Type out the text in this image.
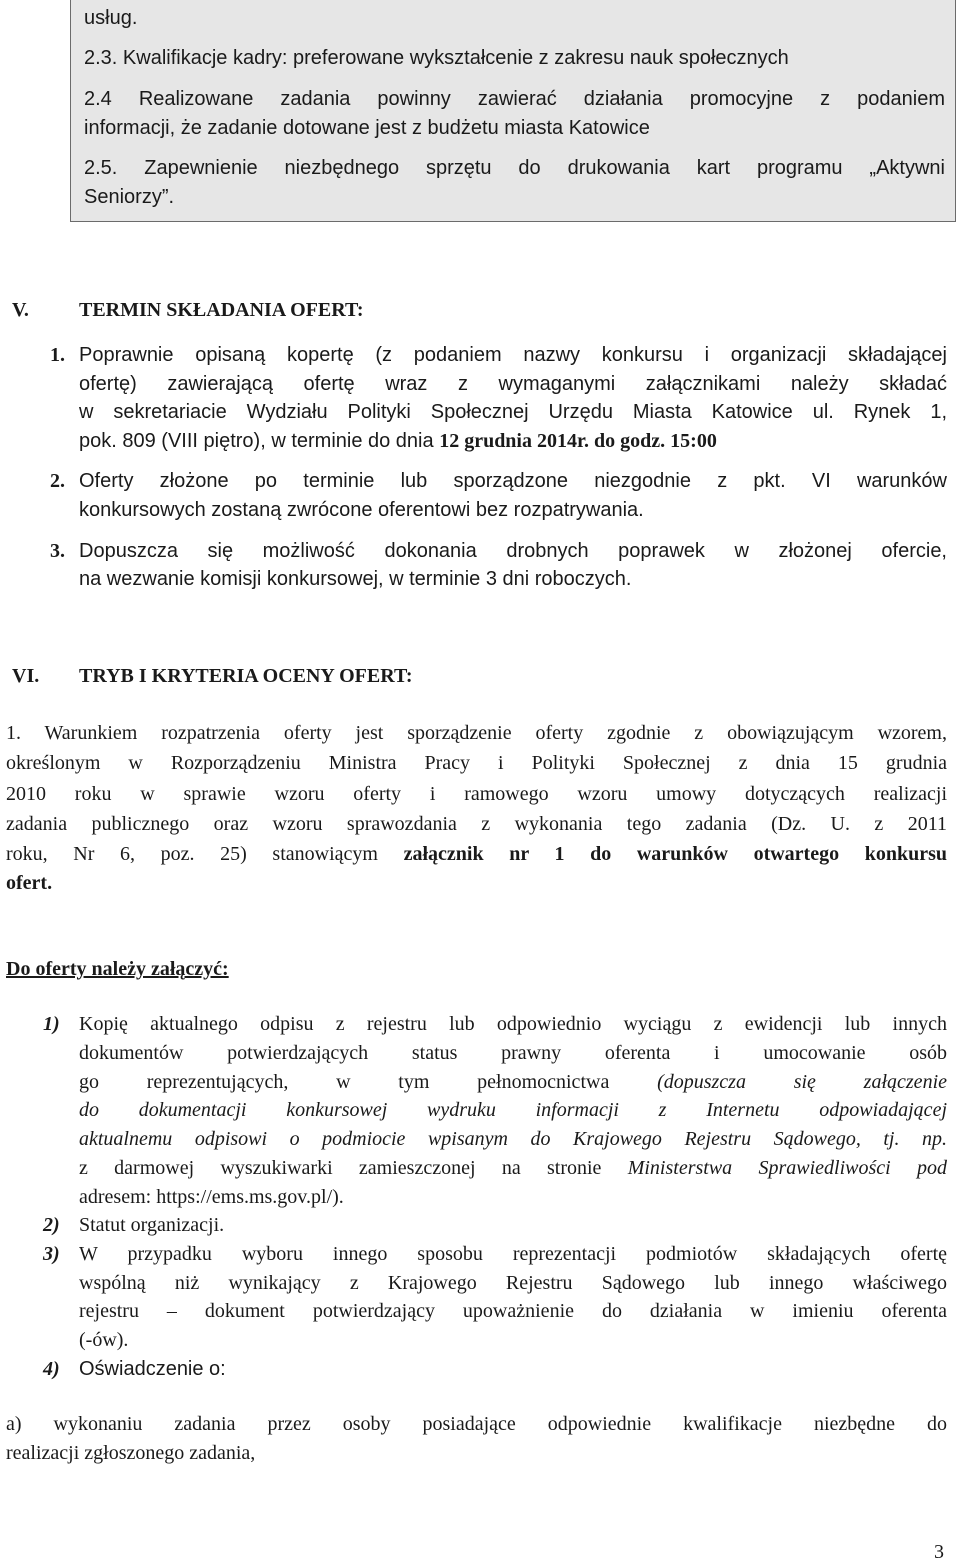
usług.
2.3. Kwalifikacje kadry: preferowane wykształcenie z zakresu nauk społecznych
2.4 Realizowane zadania powinny zawierać działania promocyjne z podaniem
informacji, że zadanie dotowane jest z budżetu miasta Katowice
2.5. Zapewnienie niezbędnego sprzętu do drukowania kart programu „Aktywni
Seniorzy”.
V.	TERMIN SKŁADANIA OFERT:
1. Poprawnie opisaną kopertę (z podaniem nazwy konkursu i organizacji składającej
ofertę) zawierającą ofertę wraz z wymaganymi załącznikami należy składać
w sekretariacie Wydziału Polityki Społecznej Urzędu Miasta Katowice ul. Rynek 1,
pok. 809 (VIII piętro), w terminie do dnia 12 grudnia 2014r. do godz. 15:00
2. Oferty złożone po terminie lub sporządzone niezgodnie z pkt. VI warunków
konkursowych zostaną zwrócone oferentowi bez rozpatrywania.
3. Dopuszcza się możliwość dokonania drobnych poprawek w złożonej ofercie,
na wezwanie komisji konkursowej, w terminie 3 dni roboczych.
VI. TRYB I KRYTERIA OCENY OFERT:
1. Warunkiem rozpatrzenia oferty jest sporządzenie oferty zgodnie z obowiązującym wzorem,
określonym w Rozporządzeniu Ministra Pracy i Polityki Społecznej z dnia 15 grudnia
2010 roku w sprawie wzoru oferty i ramowego wzoru umowy dotyczących realizacji
zadania publicznego oraz wzoru sprawozdania z wykonania tego zadania (Dz. U. z 2011
roku, Nr 6, poz. 25) stanowiącym załącznik nr 1 do warunków otwartego konkursu
ofert.
Do oferty należy załączyć:
1) Kopię aktualnego odpisu z rejestru lub odpowiednio wyciągu z ewidencji lub innych
dokumentów potwierdzających status prawny oferenta i umocowanie osób
go reprezentujących, w tym pełnomocnictwa (dopuszcza się załączenie
do dokumentacji konkursowej wydruku informacji z Internetu odpowiadającej
aktualnemu odpisowi o podmiocie wpisanym do Krajowego Rejestru Sądowego, tj. np.
z darmowej wyszukiwarki zamieszczonej na stronie Ministerstwa Sprawiedliwości pod
adresem: https://ems.ms.gov.pl/).
2) Statut organizacji.
3) W przypadku wyboru innego sposobu reprezentacji podmiotów składających ofertę
wspólną niż wynikający z Krajowego Rejestru Sądowego lub innego właściwego
rejestru – dokument potwierdzający upoważnienie do działania w imieniu oferenta
(-ów).
4) Oświadczenie o:
a) wykonaniu zadania przez osoby posiadające odpowiednie kwalifikacje niezbędne do
realizacji zgłoszonego zadania,
3
